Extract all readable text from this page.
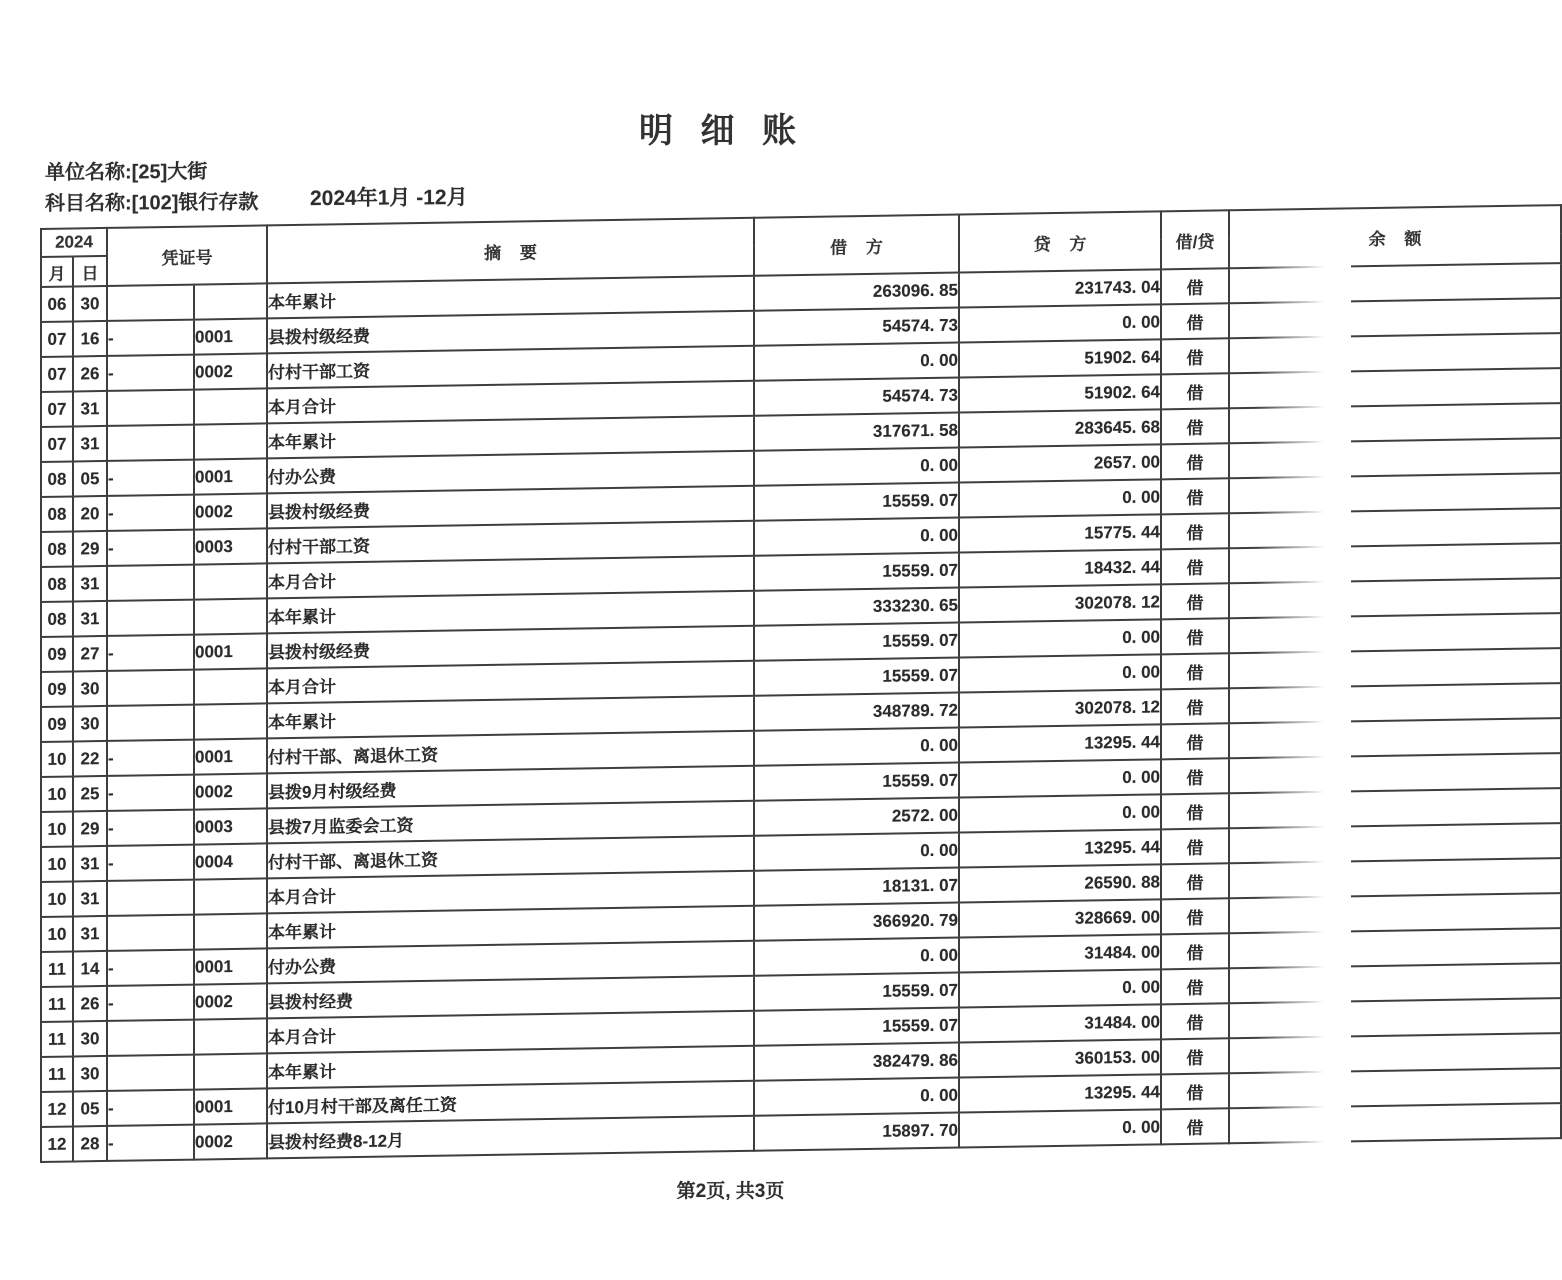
明 细 账
单位名称:[25]大街
科目名称:[102]银行存款 2024年1月 -12月
2024		凭证号		摘 要	借 方	贷 方	借/贷	余 额
月	日							
06	30			本年累计	263096. 85	231743. 04	借	
07	16	-	0001	县拨村级经费	54574. 73	0. 00	借	
07	26	-	0002	付村干部工资	0. 00	51902. 64	借	
07	31			本月合计	54574. 73	51902. 64	借	
07	31			本年累计	317671. 58	283645. 68	借	
08	05	-	0001	付办公费	0. 00	2657. 00	借	
08	20	-	0002	县拨村级经费	15559. 07	0. 00	借	
08	29	-	0003	付村干部工资	0. 00	15775. 44	借	
08	31			本月合计	15559. 07	18432. 44	借	
08	31			本年累计	333230. 65	302078. 12	借	
09	27	-	0001	县拨村级经费	15559. 07	0. 00	借	
09	30			本月合计	15559. 07	0. 00	借	
09	30			本年累计	348789. 72	302078. 12	借	
10	22	-	0001	付村干部、离退休工资	0. 00	13295. 44	借	
10	25	-	0002	县拨9月村级经费	15559. 07	0. 00	借	
10	29	-	0003	县拨7月监委会工资	2572. 00	0. 00	借	
10	31	-	0004	付村干部、离退休工资	0. 00	13295. 44	借	
10	31			本月合计	18131. 07	26590. 88	借	
10	31			本年累计	366920. 79	328669. 00	借	
11	14	-	0001	付办公费	0. 00	31484. 00	借	
11	26	-	0002	县拨村经费	15559. 07	0. 00	借	
11	30			本月合计	15559. 07	31484. 00	借	
11	30			本年累计	382479. 86	360153. 00	借	
12	05	-	0001	付10月村干部及离任工资	0. 00	13295. 44	借	
12	28	-	0002	县拨村经费8-12月	15897. 70	0. 00	借	
第2页, 共3页
